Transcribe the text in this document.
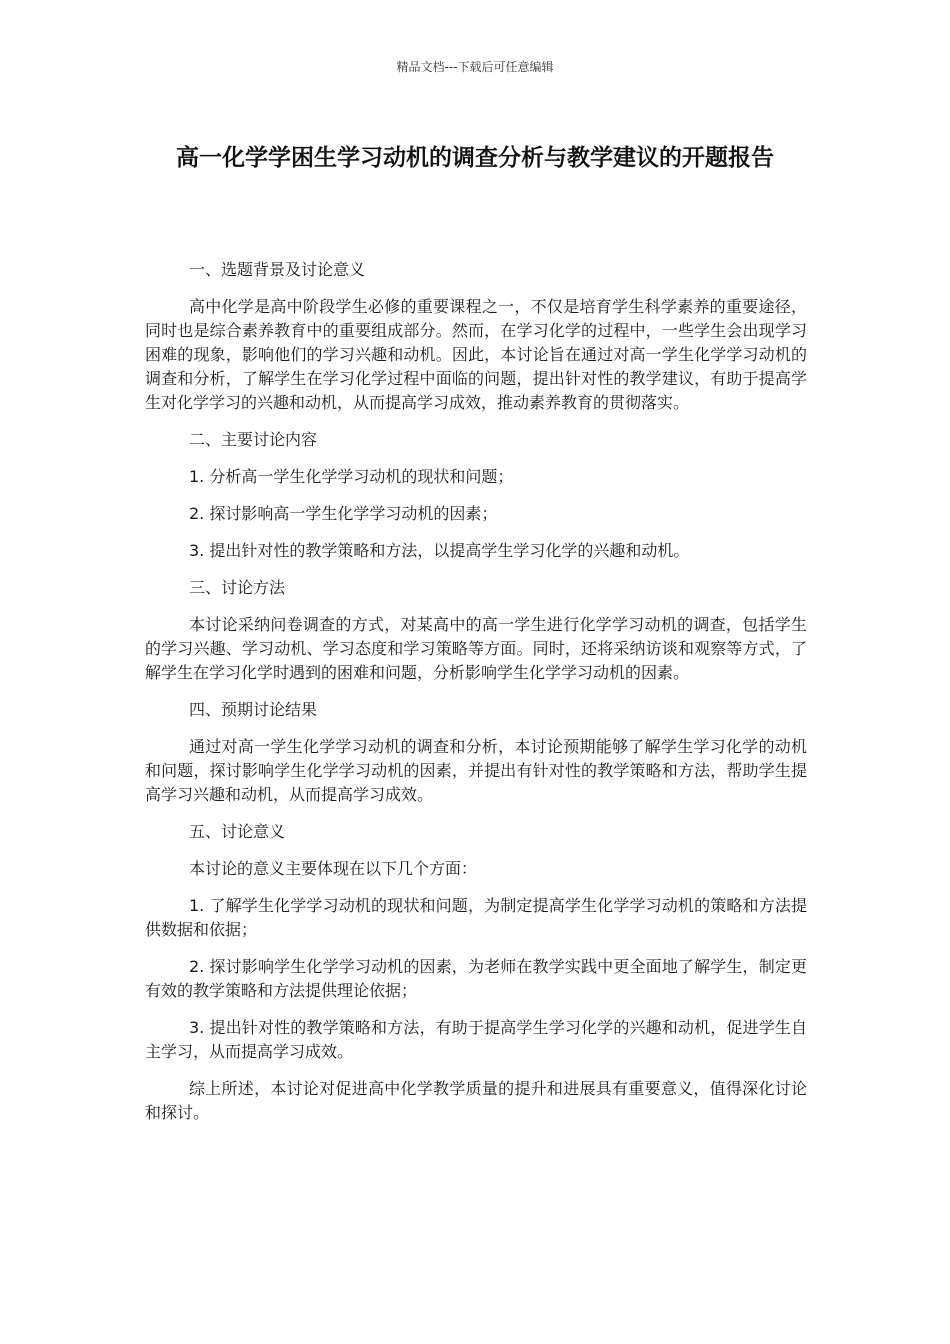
精品文档---下载后可任意编辑
高一化学学困生学习动机的调查分析与教学建议的开题报告

一、选题背景及讨论意义

高中化学是高中阶段学生必修的重要课程之一，不仅是培育学生科学素养的重要途径，同时也是综合素养教育中的重要组成部分。然而，在学习化学的过程中，一些学生会出现学习困难的现象，影响他们的学习兴趣和动机。因此，本讨论旨在通过对高一学生化学学习动机的调查和分析，了解学生在学习化学过程中面临的问题，提出针对性的教学建议，有助于提高学生对化学学习的兴趣和动机，从而提高学习成效，推动素养教育的贯彻落实。

二、主要讨论内容

1. 分析高一学生化学学习动机的现状和问题；

2. 探讨影响高一学生化学学习动机的因素；

3. 提出针对性的教学策略和方法，以提高学生学习化学的兴趣和动机。

三、讨论方法

本讨论采纳问卷调查的方式，对某高中的高一学生进行化学学习动机的调查，包括学生的学习兴趣、学习动机、学习态度和学习策略等方面。同时，还将采纳访谈和观察等方式，了解学生在学习化学时遇到的困难和问题，分析影响学生化学学习动机的因素。

四、预期讨论结果

通过对高一学生化学学习动机的调查和分析，本讨论预期能够了解学生学习化学的动机和问题，探讨影响学生化学学习动机的因素，并提出有针对性的教学策略和方法，帮助学生提高学习兴趣和动机，从而提高学习成效。

五、讨论意义

本讨论的意义主要体现在以下几个方面：

1. 了解学生化学学习动机的现状和问题，为制定提高学生化学学习动机的策略和方法提供数据和依据；

2. 探讨影响学生化学学习动机的因素，为老师在教学实践中更全面地了解学生，制定更有效的教学策略和方法提供理论依据；

3. 提出针对性的教学策略和方法，有助于提高学生学习化学的兴趣和动机，促进学生自主学习，从而提高学习成效。

综上所述，本讨论对促进高中化学教学质量的提升和进展具有重要意义，值得深化讨论和探讨。
